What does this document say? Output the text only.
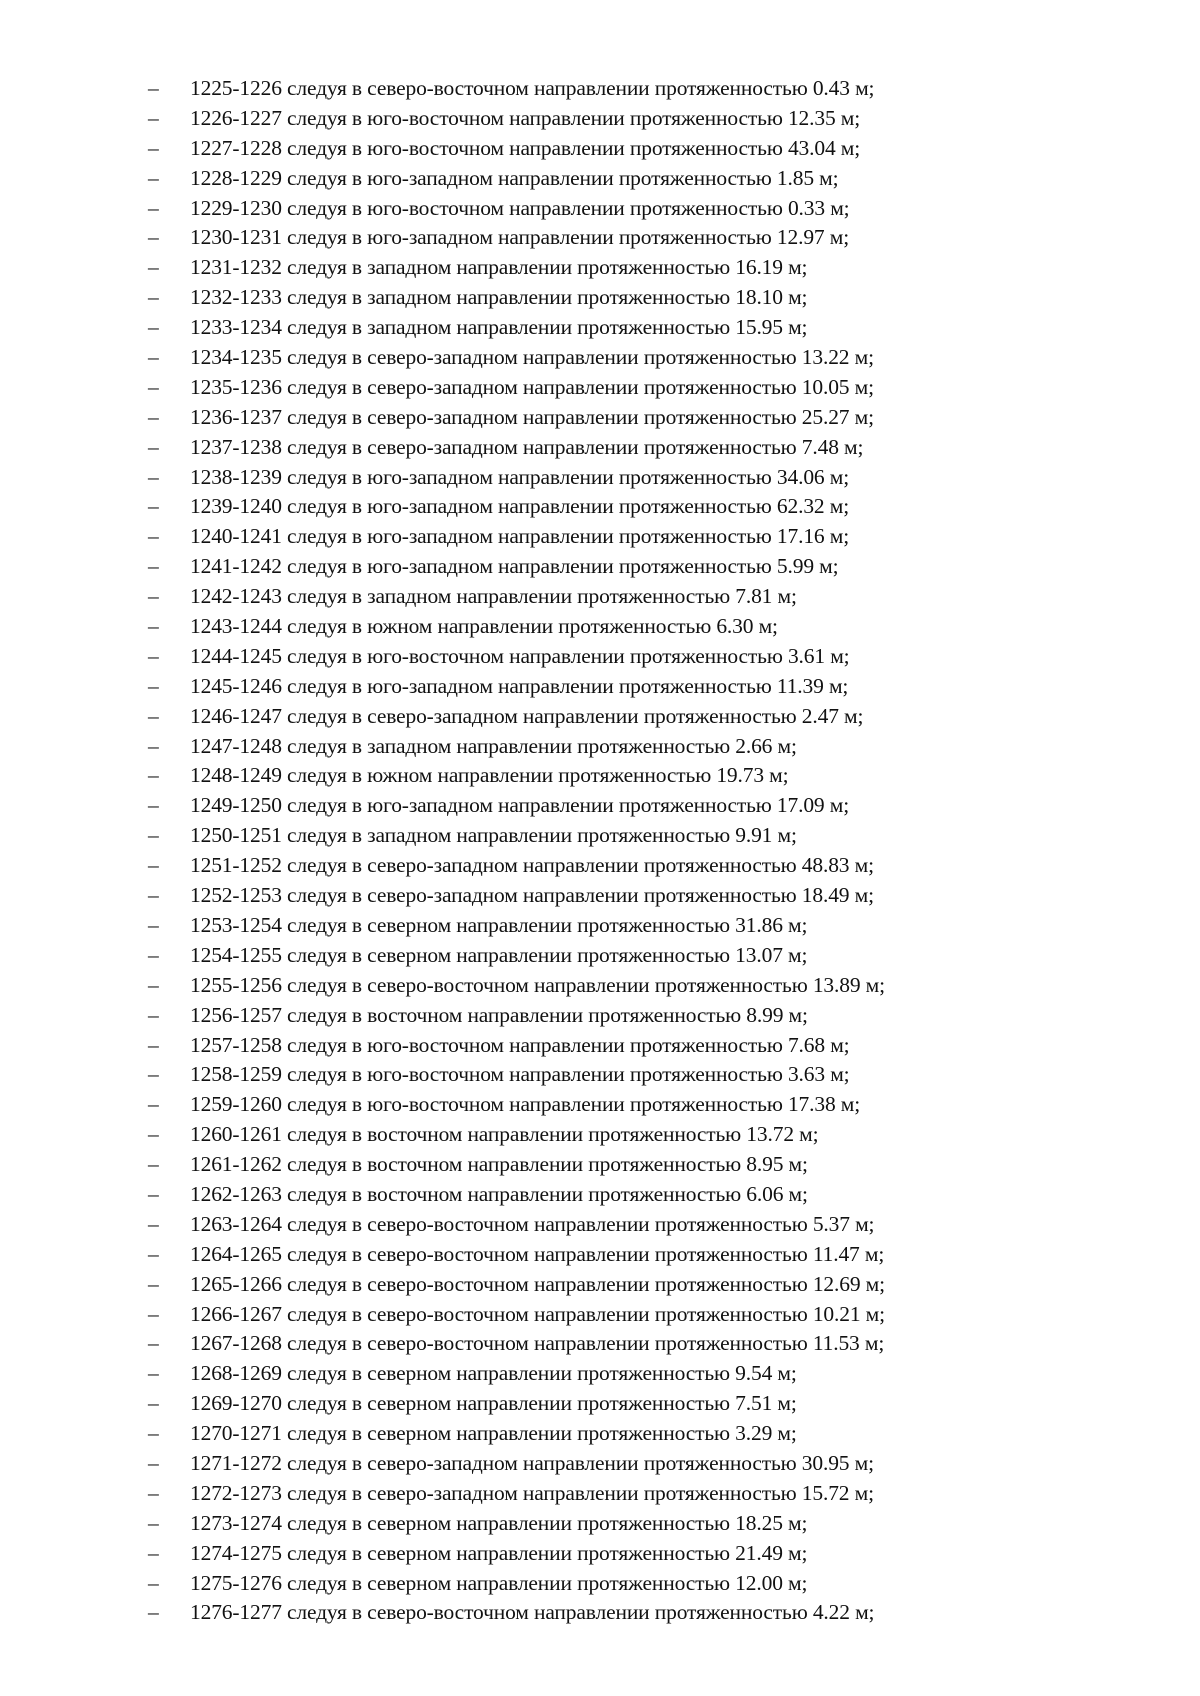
– 1225-1226 следуя в северо-восточном направлении протяженностью 0.43 м;
– 1226-1227 следуя в юго-восточном направлении протяженностью 12.35 м;
– 1227-1228 следуя в юго-восточном направлении протяженностью 43.04 м;
– 1228-1229 следуя в юго-западном направлении протяженностью 1.85 м;
– 1229-1230 следуя в юго-восточном направлении протяженностью 0.33 м;
– 1230-1231 следуя в юго-западном направлении протяженностью 12.97 м;
– 1231-1232 следуя в западном направлении протяженностью 16.19 м;
– 1232-1233 следуя в западном направлении протяженностью 18.10 м;
– 1233-1234 следуя в западном направлении протяженностью 15.95 м;
– 1234-1235 следуя в северо-западном направлении протяженностью 13.22 м;
– 1235-1236 следуя в северо-западном направлении протяженностью 10.05 м;
– 1236-1237 следуя в северо-западном направлении протяженностью 25.27 м;
– 1237-1238 следуя в северо-западном направлении протяженностью 7.48 м;
– 1238-1239 следуя в юго-западном направлении протяженностью 34.06 м;
– 1239-1240 следуя в юго-западном направлении протяженностью 62.32 м;
– 1240-1241 следуя в юго-западном направлении протяженностью 17.16 м;
– 1241-1242 следуя в юго-западном направлении протяженностью 5.99 м;
– 1242-1243 следуя в западном направлении протяженностью 7.81 м;
– 1243-1244 следуя в южном направлении протяженностью 6.30 м;
– 1244-1245 следуя в юго-восточном направлении протяженностью 3.61 м;
– 1245-1246 следуя в юго-западном направлении протяженностью 11.39 м;
– 1246-1247 следуя в северо-западном направлении протяженностью 2.47 м;
– 1247-1248 следуя в западном направлении протяженностью 2.66 м;
– 1248-1249 следуя в южном направлении протяженностью 19.73 м;
– 1249-1250 следуя в юго-западном направлении протяженностью 17.09 м;
– 1250-1251 следуя в западном направлении протяженностью 9.91 м;
– 1251-1252 следуя в северо-западном направлении протяженностью 48.83 м;
– 1252-1253 следуя в северо-западном направлении протяженностью 18.49 м;
– 1253-1254 следуя в северном направлении протяженностью 31.86 м;
– 1254-1255 следуя в северном направлении протяженностью 13.07 м;
– 1255-1256 следуя в северо-восточном направлении протяженностью 13.89 м;
– 1256-1257 следуя в восточном направлении протяженностью 8.99 м;
– 1257-1258 следуя в юго-восточном направлении протяженностью 7.68 м;
– 1258-1259 следуя в юго-восточном направлении протяженностью 3.63 м;
– 1259-1260 следуя в юго-восточном направлении протяженностью 17.38 м;
– 1260-1261 следуя в восточном направлении протяженностью 13.72 м;
– 1261-1262 следуя в восточном направлении протяженностью 8.95 м;
– 1262-1263 следуя в восточном направлении протяженностью 6.06 м;
– 1263-1264 следуя в северо-восточном направлении протяженностью 5.37 м;
– 1264-1265 следуя в северо-восточном направлении протяженностью 11.47 м;
– 1265-1266 следуя в северо-восточном направлении протяженностью 12.69 м;
– 1266-1267 следуя в северо-восточном направлении протяженностью 10.21 м;
– 1267-1268 следуя в северо-восточном направлении протяженностью 11.53 м;
– 1268-1269 следуя в северном направлении протяженностью 9.54 м;
– 1269-1270 следуя в северном направлении протяженностью 7.51 м;
– 1270-1271 следуя в северном направлении протяженностью 3.29 м;
– 1271-1272 следуя в северо-западном направлении протяженностью 30.95 м;
– 1272-1273 следуя в северо-западном направлении протяженностью 15.72 м;
– 1273-1274 следуя в северном направлении протяженностью 18.25 м;
– 1274-1275 следуя в северном направлении протяженностью 21.49 м;
– 1275-1276 следуя в северном направлении протяженностью 12.00 м;
– 1276-1277 следуя в северо-восточном направлении протяженностью 4.22 м;
